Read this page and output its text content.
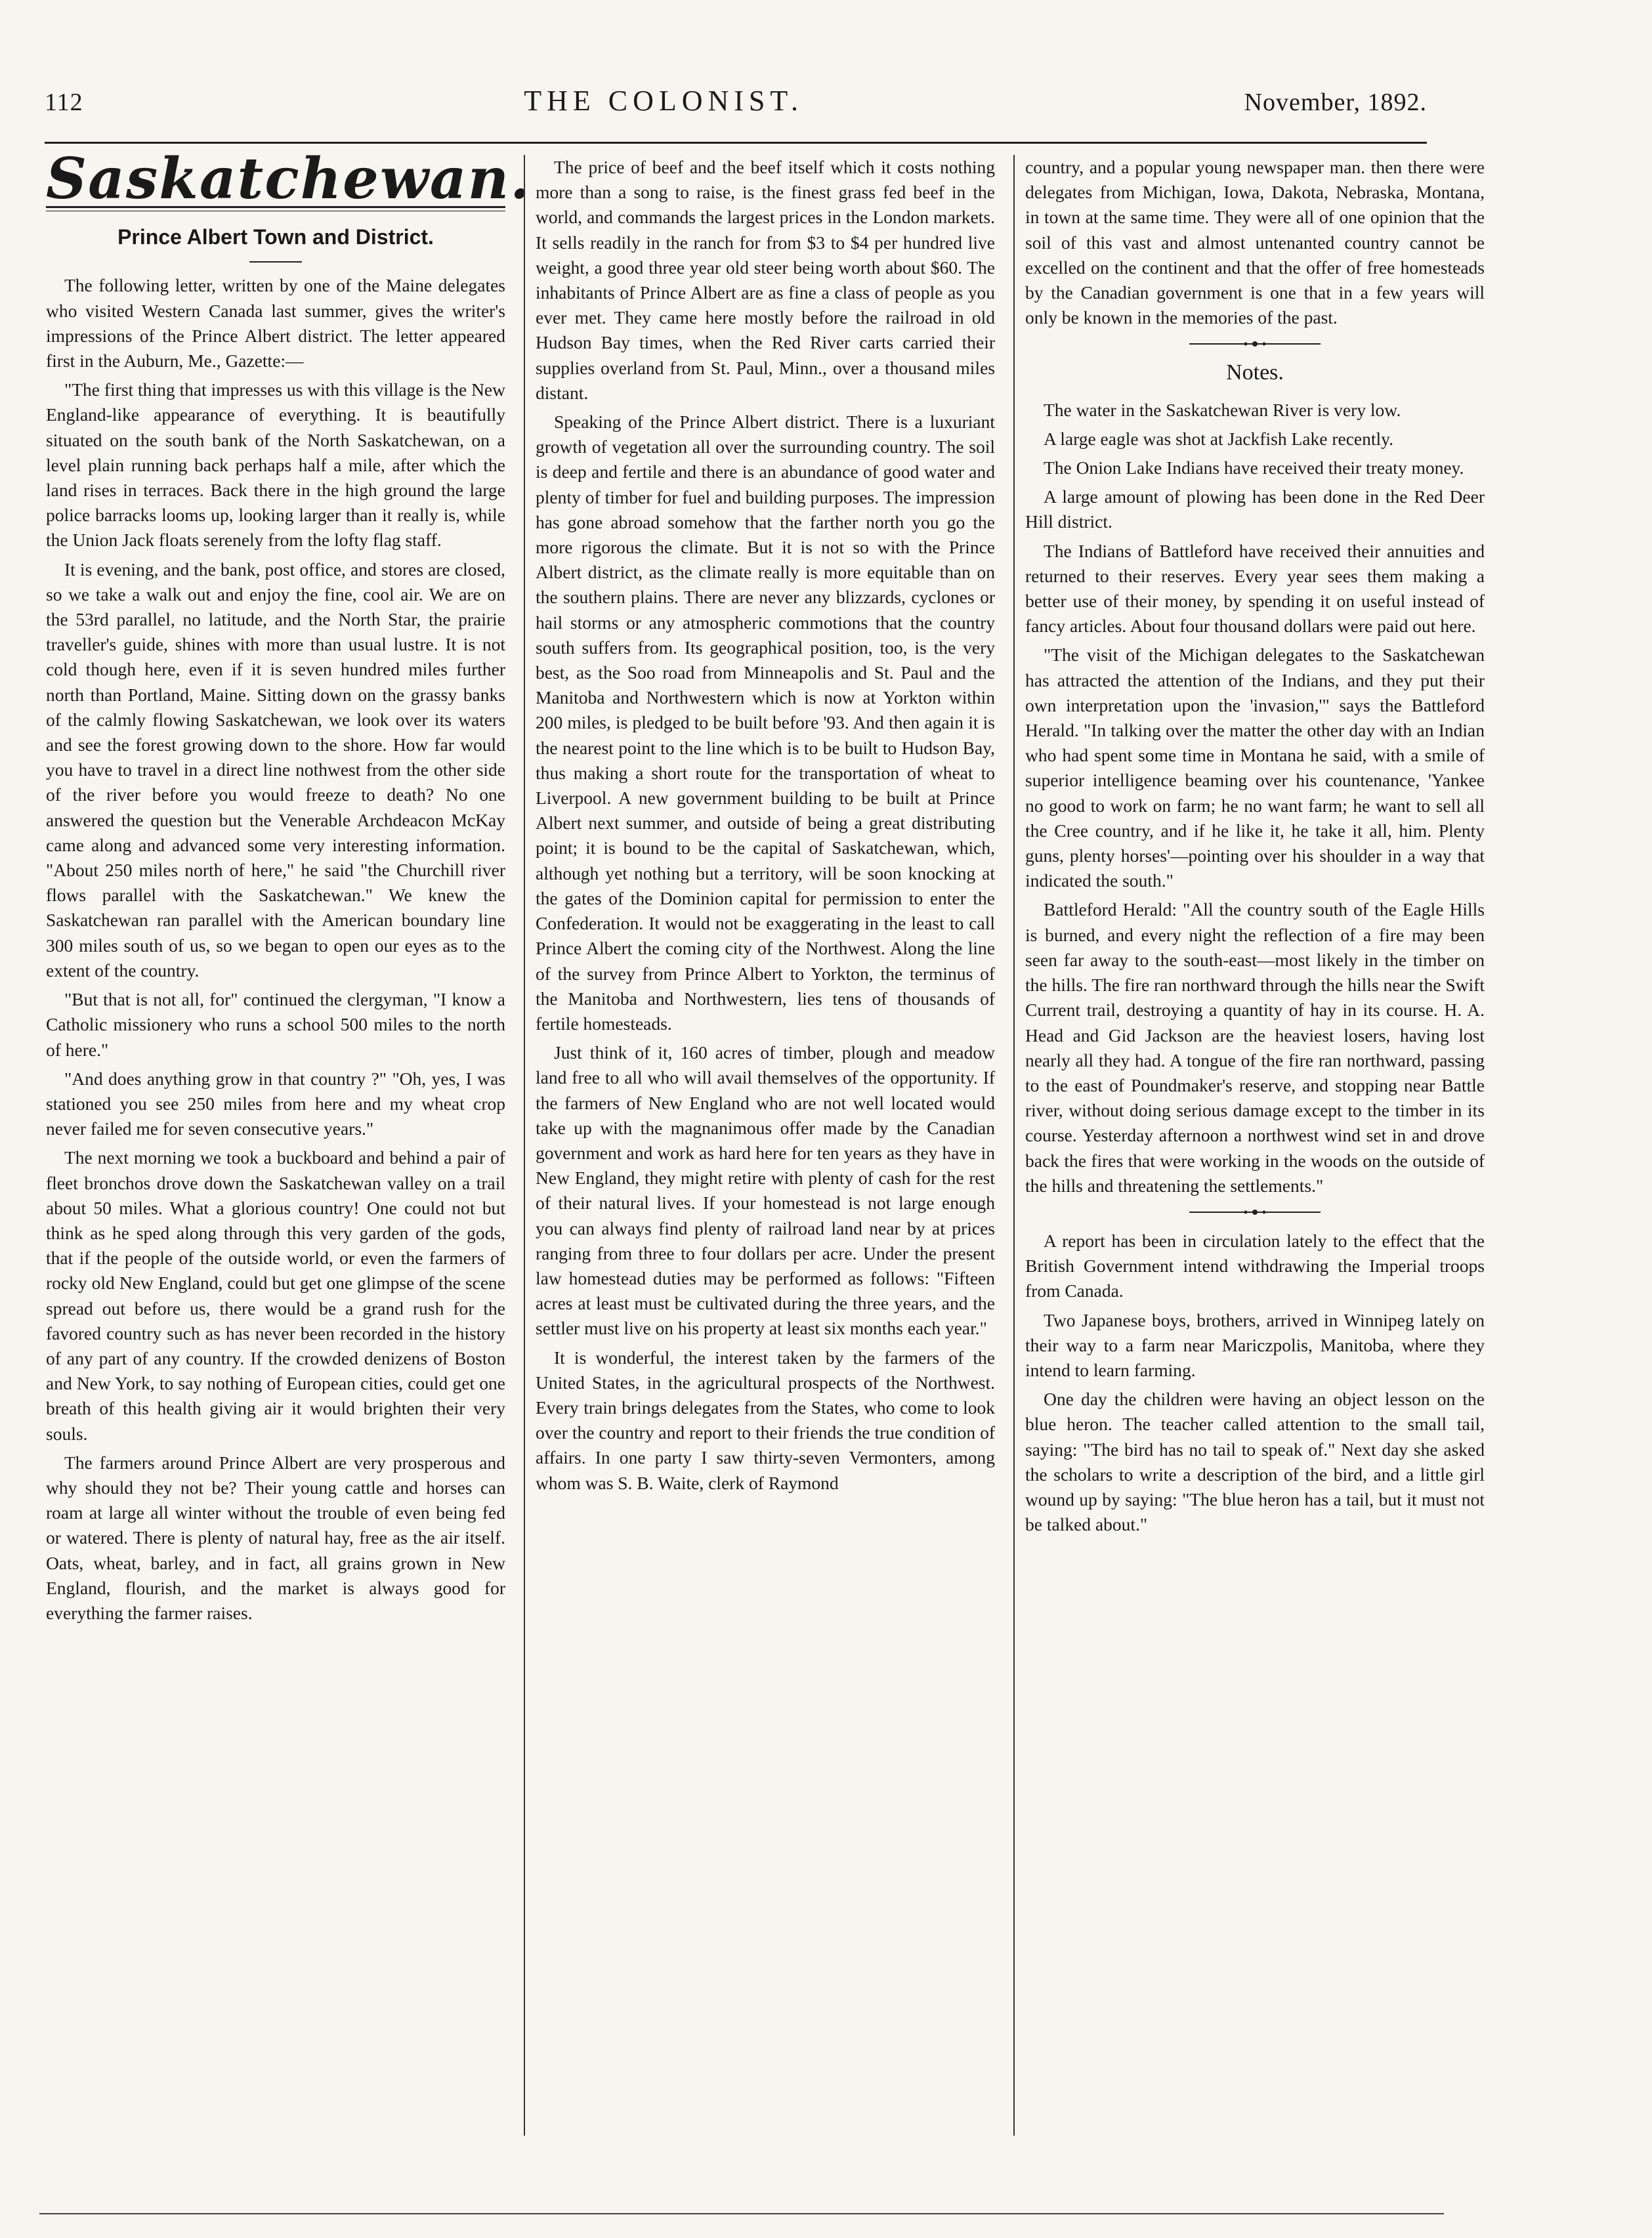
112	THE COLONIST.	November, 1892.
Saskatchewan.
Prince Albert Town and District.

The following letter, written by one of the Maine delegates who visited Western Canada last summer, gives the writer's impressions of the Prince Albert district. The letter appeared first in the Auburn, Me., Gazette:—

"The first thing that impresses us with this village is the New England-like appearance of everything. It is beautifully situated on the south bank of the North Saskatchewan, on a level plain running back perhaps half a mile, after which the land rises in terraces. Back there in the high ground the large police barracks looms up, looking larger than it really is, while the Union Jack floats serenely from the lofty flag staff.

It is evening, and the bank, post office, and stores are closed, so we take a walk out and enjoy the fine, cool air. We are on the 53rd parallel, no latitude, and the North Star, the prairie traveller's guide, shines with more than usual lustre. It is not cold though here, even if it is seven hundred miles further north than Portland, Maine. Sitting down on the grassy banks of the calmly flowing Saskatchewan, we look over its waters and see the forest growing down to the shore. How far would you have to travel in a direct line nothwest from the other side of the river before you would freeze to death? No one answered the question but the Venerable Archdeacon McKay came along and advanced some very interesting information. "About 250 miles north of here," he said "the Churchill river flows parallel with the Saskatchewan." We knew the Saskatchewan ran parallel with the American boundary line 300 miles south of us, so we began to open our eyes as to the extent of the country.

"But that is not all, for" continued the clergyman, "I know a Catholic missionery who runs a school 500 miles to the north of here."

"And does anything grow in that country ?" "Oh, yes, I was stationed you see 250 miles from here and my wheat crop never failed me for seven consecutive years."

The next morning we took a buckboard and behind a pair of fleet bronchos drove down the Saskatchewan valley on a trail about 50 miles. What a glorious country! One could not but think as he sped along through this very garden of the gods, that if the people of the outside world, or even the farmers of rocky old New England, could but get one glimpse of the scene spread out before us, there would be a grand rush for the favored country such as has never been recorded in the history of any part of any country. If the crowded denizens of Boston and New York, to say nothing of European cities, could get one breath of this health giving air it would brighten their very souls.

The farmers around Prince Albert are very prosperous and why should they not be? Their young cattle and horses can roam at large all winter without the trouble of even being fed or watered. There is plenty of natural hay, free as the air itself. Oats, wheat, barley, and in fact, all grains grown in New England, flourish, and the market is always good for everything the farmer raises.

The price of beef and the beef itself which it costs nothing more than a song to raise, is the finest grass fed beef in the world, and commands the largest prices in the London markets. It sells readily in the ranch for from $3 to $4 per hundred live weight, a good three year old steer being worth about $60. The inhabitants of Prince Albert are as fine a class of people as you ever met. They came here mostly before the railroad in old Hudson Bay times, when the Red River carts carried their supplies overland from St. Paul, Minn., over a thousand miles distant.

Speaking of the Prince Albert district. There is a luxuriant growth of vegetation all over the surrounding country. The soil is deep and fertile and there is an abundance of good water and plenty of timber for fuel and building purposes. The impression has gone abroad somehow that the farther north you go the more rigorous the climate. But it is not so with the Prince Albert district, as the climate really is more equitable than on the southern plains. There are never any blizzards, cyclones or hail storms or any atmospheric commotions that the country south suffers from. Its geographical position, too, is the very best, as the Soo road from Minneapolis and St. Paul and the Manitoba and Northwestern which is now at Yorkton within 200 miles, is pledged to be built before '93. And then again it is the nearest point to the line which is to be built to Hudson Bay, thus making a short route for the transportation of wheat to Liverpool. A new government building to be built at Prince Albert next summer, and outside of being a great distributing point; it is bound to be the capital of Saskatchewan, which, although yet nothing but a territory, will be soon knocking at the gates of the Dominion capital for permission to enter the Confederation. It would not be exaggerating in the least to call Prince Albert the coming city of the Northwest. Along the line of the survey from Prince Albert to Yorkton, the terminus of the Manitoba and Northwestern, lies tens of thousands of fertile homesteads.

Just think of it, 160 acres of timber, plough and meadow land free to all who will avail themselves of the opportunity. If the farmers of New England who are not well located would take up with the magnanimous offer made by the Canadian government and work as hard here for ten years as they have in New England, they might retire with plenty of cash for the rest of their natural lives. If your homestead is not large enough you can always find plenty of railroad land near by at prices ranging from three to four dollars per acre. Under the present law homestead duties may be performed as follows: "Fifteen acres at least must be cultivated during the three years, and the settler must live on his property at least six months each year."

It is wonderful, the interest taken by the farmers of the United States, in the agricultural prospects of the Northwest. Every train brings delegates from the States, who come to look over the country and report to their friends the true condition of affairs. In one party I saw thirty-seven Vermonters, among whom was S. B. Waite, clerk of Raymond

country, and a popular young newspaper man. then there were delegates from Michigan, Iowa, Dakota, Nebraska, Montana, in town at the same time. They were all of one opinion that the soil of this vast and almost untenanted country cannot be excelled on the continent and that the offer of free homesteads by the Canadian government is one that in a few years will only be known in the memories of the past.

Notes.

The water in the Saskatchewan River is very low.

A large eagle was shot at Jackfish Lake recently.

The Onion Lake Indians have received their treaty money.

A large amount of plowing has been done in the Red Deer Hill district.

The Indians of Battleford have received their annuities and returned to their reserves. Every year sees them making a better use of their money, by spending it on useful instead of fancy articles. About four thousand dollars were paid out here.

"The visit of the Michigan delegates to the Saskatchewan has attracted the attention of the Indians, and they put their own interpretation upon the 'invasion,'" says the Battleford Herald. "In talking over the matter the other day with an Indian who had spent some time in Montana he said, with a smile of superior intelligence beaming over his countenance, 'Yankee no good to work on farm; he no want farm; he want to sell all the Cree country, and if he like it, he take it all, him. Plenty guns, plenty horses'—pointing over his shoulder in a way that indicated the south."

Battleford Herald: "All the country south of the Eagle Hills is burned, and every night the reflection of a fire may been seen far away to the south-east—most likely in the timber on the hills. The fire ran northward through the hills near the Swift Current trail, destroying a quantity of hay in its course. H. A. Head and Gid Jackson are the heaviest losers, having lost nearly all they had. A tongue of the fire ran northward, passing to the east of Poundmaker's reserve, and stopping near Battle river, without doing serious damage except to the timber in its course. Yesterday afternoon a northwest wind set in and drove back the fires that were working in the woods on the outside of the hills and threatening the settlements."

A report has been in circulation lately to the effect that the British Government intend withdrawing the Imperial troops from Canada.

Two Japanese boys, brothers, arrived in Winnipeg lately on their way to a farm near Mariczpolis, Manitoba, where they intend to learn farming.

One day the children were having an object lesson on the blue heron. The teacher called attention to the small tail, saying: "The bird has no tail to speak of." Next day she asked the scholars to write a description of the bird, and a little girl wound up by saying: "The blue heron has a tail, but it must not be talked about."
